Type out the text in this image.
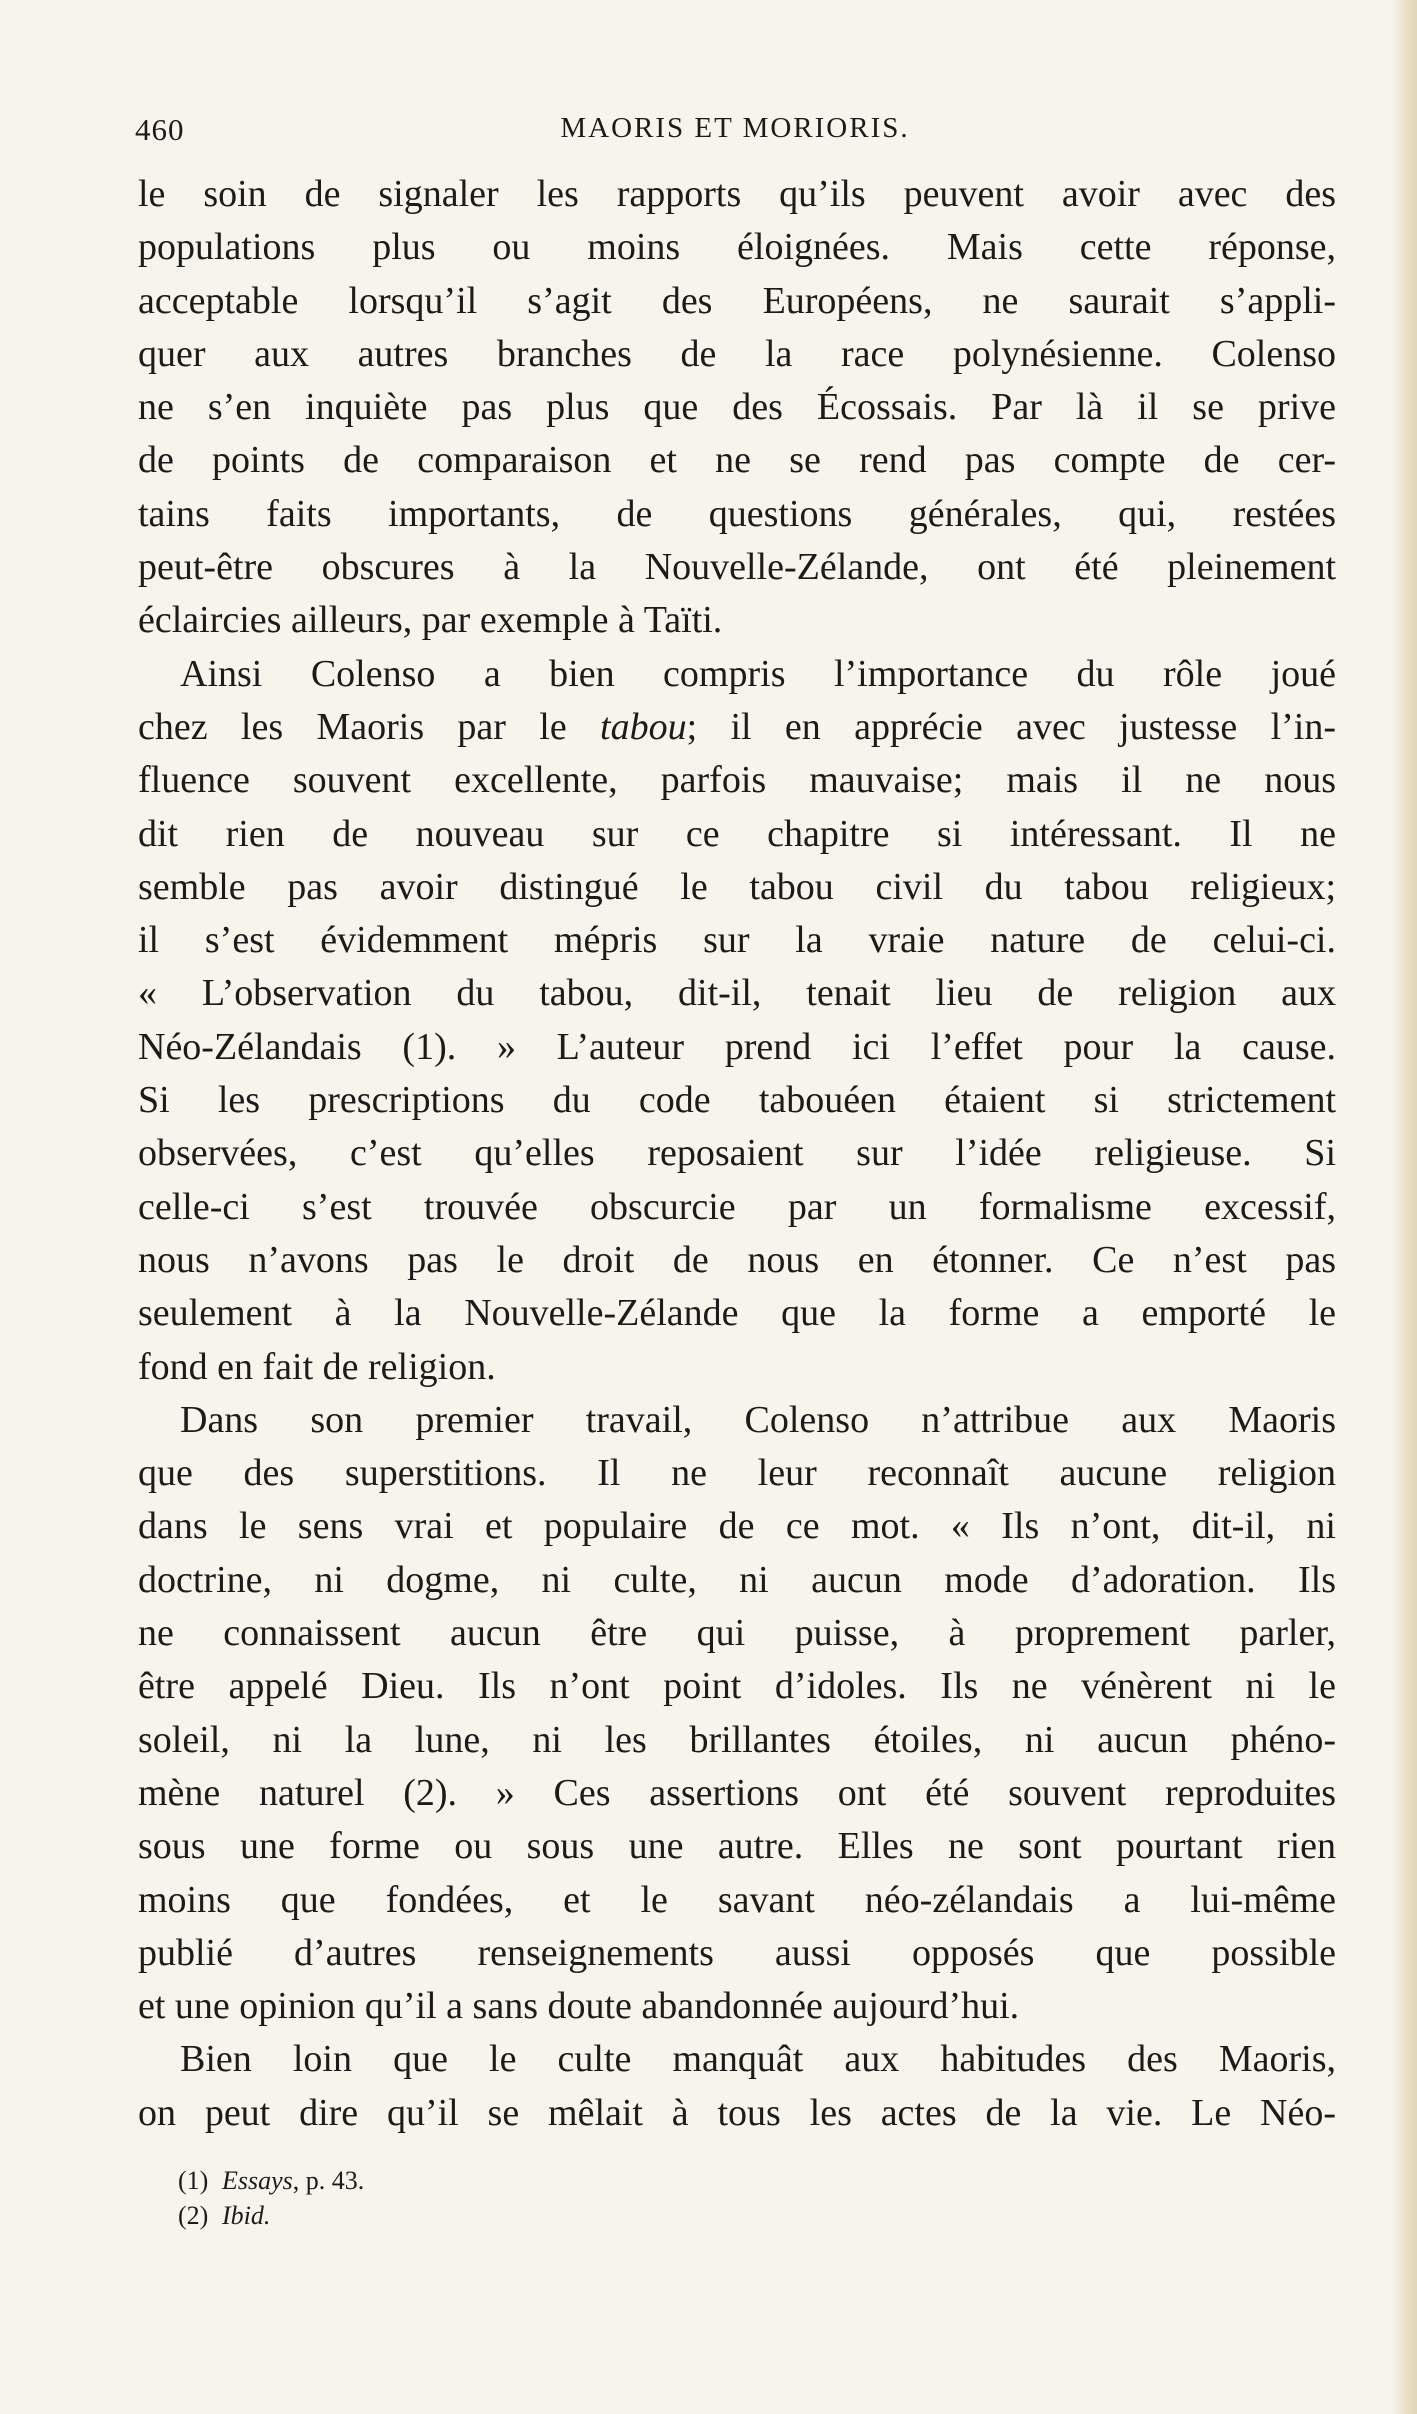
460	MAORIS ET MORIORIS.
le soin de signaler les rapports qu’ils peuvent avoir avec des
populations plus ou moins éloignées. Mais cette réponse,
acceptable lorsqu’il s’agit des Européens, ne saurait s’appli-
quer aux autres branches de la race polynésienne. Colenso
ne s’en inquiète pas plus que des Écossais. Par là il se prive
de points de comparaison et ne se rend pas compte de cer-
tains faits importants, de questions générales, qui, restées
peut-être obscures à la Nouvelle-Zélande, ont été pleinement
éclaircies ailleurs, par exemple à Taïti.
Ainsi Colenso a bien compris l’importance du rôle joué
chez les Maoris par le tabou; il en apprécie avec justesse l’in-
fluence souvent excellente, parfois mauvaise; mais il ne nous
dit rien de nouveau sur ce chapitre si intéressant. Il ne
semble pas avoir distingué le tabou civil du tabou religieux;
il s’est évidemment mépris sur la vraie nature de celui-ci.
« L’observation du tabou, dit-il, tenait lieu de religion aux
Néo-Zélandais (1). » L’auteur prend ici l’effet pour la cause.
Si les prescriptions du code tabouéen étaient si strictement
observées, c’est qu’elles reposaient sur l’idée religieuse. Si
celle-ci s’est trouvée obscurcie par un formalisme excessif,
nous n’avons pas le droit de nous en étonner. Ce n’est pas
seulement à la Nouvelle-Zélande que la forme a emporté le
fond en fait de religion.
Dans son premier travail, Colenso n’attribue aux Maoris
que des superstitions. Il ne leur reconnaît aucune religion
dans le sens vrai et populaire de ce mot. « Ils n’ont, dit-il, ni
doctrine, ni dogme, ni culte, ni aucun mode d’adoration. Ils
ne connaissent aucun être qui puisse, à proprement parler,
être appelé Dieu. Ils n’ont point d’idoles. Ils ne vénèrent ni le
soleil, ni la lune, ni les brillantes étoiles, ni aucun phéno-
mène naturel (2). » Ces assertions ont été souvent reproduites
sous une forme ou sous une autre. Elles ne sont pourtant rien
moins que fondées, et le savant néo-zélandais a lui-même
publié d’autres renseignements aussi opposés que possible
et une opinion qu’il a sans doute abandonnée aujourd’hui.
Bien loin que le culte manquât aux habitudes des Maoris,
on peut dire qu’il se mêlait à tous les actes de la vie. Le Néo-
(1) Essays, p. 43.
(2) Ibid.
